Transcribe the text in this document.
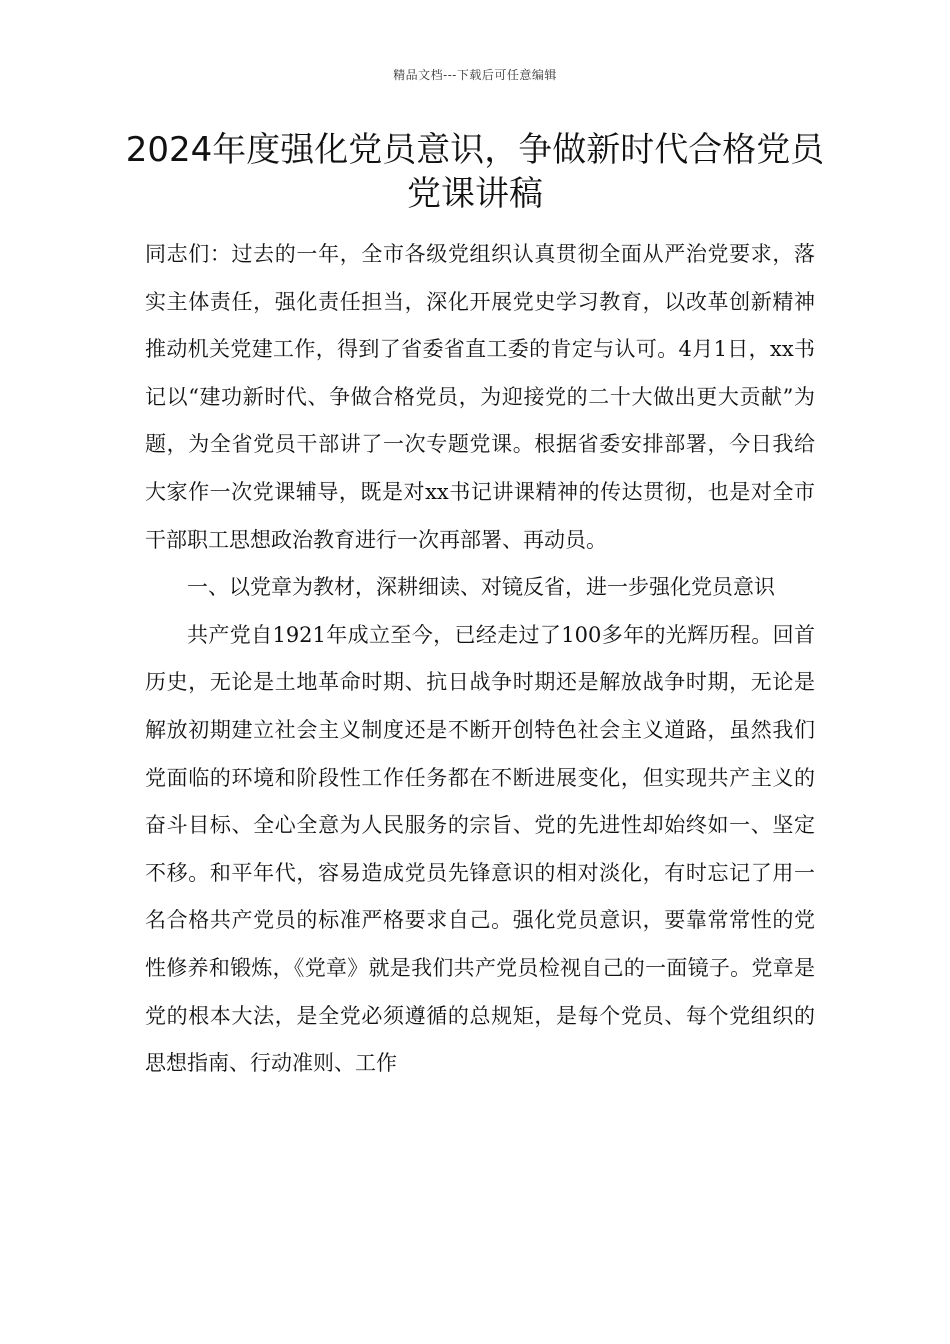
精品文档---下载后可任意编辑
2024年度强化党员意识，争做新时代合格党员党课讲稿

同志们：过去的一年，全市各级党组织认真贯彻全面从严治党要求，落实主体责任，强化责任担当，深化开展党史学习教育，以改革创新精神推动机关党建工作，得到了省委省直工委的肯定与认可。4月1日，xx书记以“建功新时代、争做合格党员，为迎接党的二十大做出更大贡献”为题，为全省党员干部讲了一次专题党课。根据省委安排部署，今日我给大家作一次党课辅导，既是对xx书记讲课精神的传达贯彻，也是对全市干部职工思想政治教育进行一次再部署、再动员。

一、以党章为教材，深耕细读、对镜反省，进一步强化党员意识

共产党自1921年成立至今，已经走过了100多年的光辉历程。回首历史，无论是土地革命时期、抗日战争时期还是解放战争时期，无论是解放初期建立社会主义制度还是不断开创特色社会主义道路，虽然我们党面临的环境和阶段性工作任务都在不断进展变化，但实现共产主义的奋斗目标、全心全意为人民服务的宗旨、党的先进性却始终如一、坚定不移。和平年代，容易造成党员先锋意识的相对淡化，有时忘记了用一名合格共产党员的标准严格要求自己。强化党员意识，要靠常常性的党性修养和锻炼，《党章》就是我们共产党员检视自己的一面镜子。党章是党的根本大法，是全党必须遵循的总规矩，是每个党员、每个党组织的思想指南、行动准则、工作
